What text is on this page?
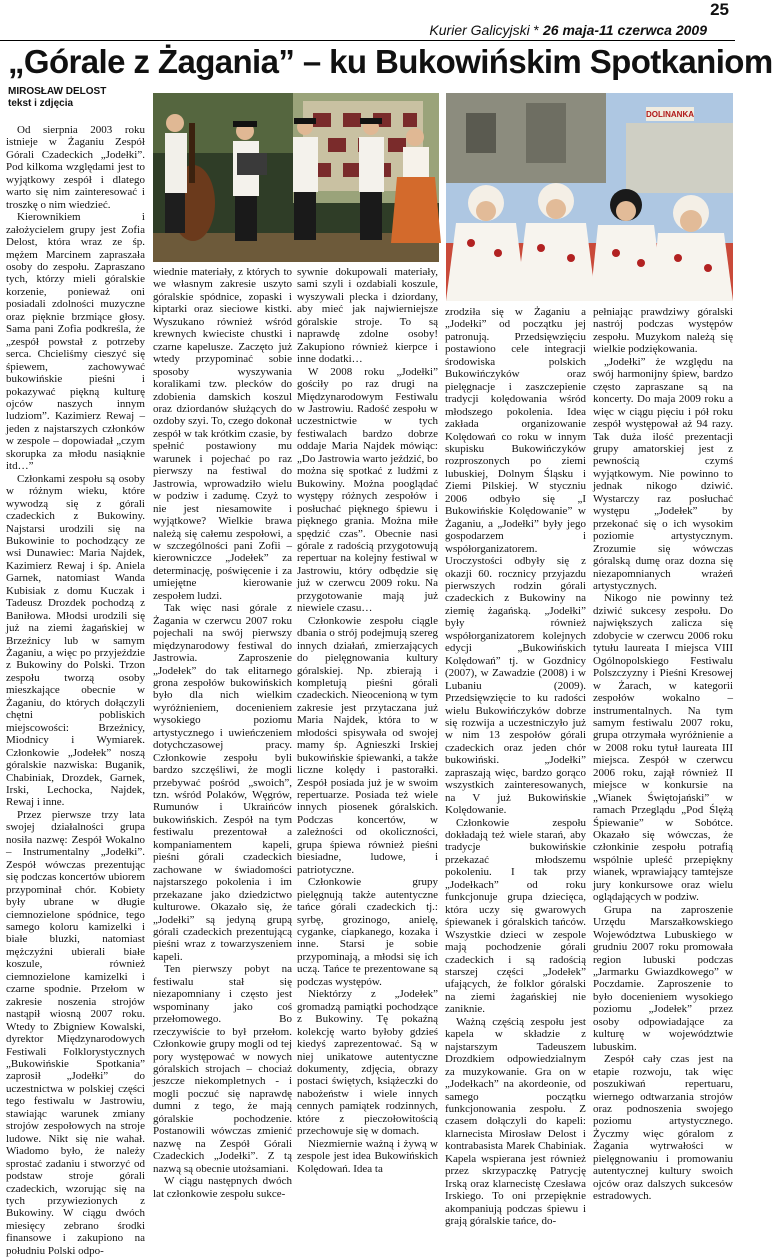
Kurier Galicyjski * 26 maja-11 czerwca 2009
25
„Górale z Żagania” – ku Bukowińskim Spotkaniom
MIROSŁAW DELOST
tekst i zdjęcia
DOLINANKA

Od sierpnia 2003 roku istnieje w Żaganiu Zespół Górali Czadeckich „Jodełki”. Pod kilkoma względami jest to wyjątkowy zespół i dlatego warto się nim zainteresować i troszkę o nim wiedzieć.

Kierownikiem i założycielem grupy jest Zofia Delost, która wraz ze śp. mężem Marcinem zapraszała osoby do zespołu. Zapraszano tych, którzy mieli góralskie korzenie, ponieważ oni posiadali zdolności muzyczne oraz pięknie brzmiące głosy. Sama pani Zofia podkreśla, że „zespół powstał z potrzeby serca. Chcieliśmy cieszyć się śpiewem, zachowywać bukowińskie pieśni i pokazywać piękną kulturę ojców naszych innym ludziom”. Kazimierz Rewaj – jeden z najstarszych członków w zespole – dopowiadał „czym skorupka za młodu nasiąknie itd…”

Członkami zespołu są osoby w różnym wieku, które wywodzą się z górali czadeckich z Bukowiny. Najstarsi urodzili się na Bukowinie to pochodzący ze wsi Dunawiec: Maria Najdek, Kazimierz Rewaj i śp. Aniela Garnek, natomiast Wanda Kubisiak z domu Kuczak i Tadeusz Drozdek pochodzą z Baniłowa. Młodsi urodzili się już na ziemi żagańskiej w Brzeźnicy lub w samym Żaganiu, a więc po przyjeździe z Bukowiny do Polski. Trzon zespołu tworzą osoby mieszkające obecnie w Żaganiu, do których dołączyli chętni pobliskich miejscowości: Brzeźnicy, Miodnicy i Wymiarek. Członkowie „Jodełek” noszą góralskie nazwiska: Buganik, Chabiniak, Drozdek, Garnek, Irski, Lechocka, Najdek, Rewaj i inne.

Przez pierwsze trzy lata swojej działalności grupa nosiła nazwę: Zespół Wokalno – Instrumentalny „Jodełki”. Zespół wówczas prezentując się podczas koncertów ubiorem przypominał chór. Kobiety były ubrane w długie ciemnozielone spódnice, tego samego koloru kamizelki i białe bluzki, natomiast mężczyźni ubierali białe koszule, również ciemnozielone kamizelki i czarne spodnie. Przełom w zakresie noszenia strojów nastąpił wiosną 2007 roku. Wtedy to Zbigniew Kowalski, dyrektor Międzynarodowych Festiwali Folklorystycznych „Bukowińskie Spotkania” zaprosił „Jodełki” do uczestnictwa w polskiej części tego festiwalu w Jastrowiu, stawiając warunek zmiany strojów zespołowych na stroje ludowe. Nikt się nie wahał. Wiadomo było, że należy sprostać zadaniu i stworzyć od podstaw stroje górali czadeckich, wzorując się na tych przywiezionych z Bukowiny. W ciągu dwóch miesięcy zebrano środki finansowe i zakupiono na południu Polski odpo-

wiednie materiały, z których to we własnym zakresie uszyto góralskie spódnice, zopaski i kiptarki oraz sieciowe kistki. Wyszukano również wśród krewnych kwieciste chustki i czarne kapelusze. Zaczęto już wtedy przypominać sobie sposoby wyszywania koralikami tzw. plecków do zdobienia damskich koszul oraz dziordanów służących do ozdoby szyi. To, czego dokonał zespół w tak krótkim czasie, by spełnić postawiony mu warunek i pojechać po raz pierwszy na festiwal do Jastrowia, wprowadziło wielu w podziw i zadumę. Czyż to nie jest niesamowite i wyjątkowe? Wielkie brawa należą się całemu zespołowi, a w szczególności pani Zofii – kierowniczce „Jodełek” za determinację, poświęcenie i za umiejętne kierowanie zespołem ludzi.

Tak więc nasi górale z Żagania w czerwcu 2007 roku pojechali na swój pierwszy międzynarodowy festiwal do Jastrowia. Zaproszenie „Jodełek” do tak elitarnego grona zespołów bukowińskich było dla nich wielkim wyróżnieniem, docenieniem wysokiego poziomu artystycznego i uwieńczeniem dotychczasowej pracy. Członkowie zespołu byli bardzo szczęśliwi, że mogli przebywać pośród „swoich”, tzn. wśród Polaków, Węgrów, Rumunów i Ukraińców bukowińskich. Zespół na tym festiwalu prezentował a kompaniamentem kapeli, pieśni górali czadeckich zachowane w świadomości najstarszego pokolenia i im przekazane jako dziedzictwo kulturowe. Okazało się, że „Jodełki” są jedyną grupą górali czadeckich prezentującą pieśni wraz z towarzyszeniem kapeli.

Ten pierwszy pobyt na festiwalu stał się niezapomniany i często jest wspominany jako coś przełomowego. Bo rzeczywiście to był przełom. Członkowie grupy mogli od tej pory występować w nowych góralskich strojach – chociaż jeszcze niekompletnych - i mogli poczuć się naprawdę dumni z tego, że mają góralskie pochodzenie. Postanowili wówczas zmienić nazwę na Zespół Górali Czadeckich „Jodełki”. Z tą nazwą są obecnie utożsamiani.

W ciągu następnych dwóch lat członkowie zespołu sukce-

sywnie dokupowali materiały, sami szyli i ozdabiali koszule, wyszywali plecka i dziordany, aby mieć jak najwierniejsze góralskie stroje. To są naprawdę zdolne osoby! Zakupiono również kierpce i inne dodatki…

W 2008 roku „Jodełki” gościły po raz drugi na Międzynarodowym Festiwalu w Jastrowiu. Radość zespołu w uczestnictwie w tych festiwalach bardzo dobrze oddaje Maria Najdek mówiąc: „Do Jastrowia warto jeździć, bo można się spotkać z ludźmi z Bukowiny. Można pooglądać występy różnych zespołów i posłuchać pięknego śpiewu i pięknego grania. Można miłe spędzić czas”. Obecnie nasi górale z radością przygotowują repertuar na kolejny festiwal w Jastrowiu, który odbędzie się już w czerwcu 2009 roku. Na przygotowanie mają już niewiele czasu…

Członkowie zespołu ciągle dbania o strój podejmują szereg innych działań, zmierzających do pielęgnowania kultury góralskiej. Np. zbierają i kompletują pieśni górali czadeckich. Nieocenioną w tym zakresie jest przytaczana już Maria Najdek, która to w młodości spisywała od swojej mamy śp. Agnieszki Irskiej bukowińskie śpiewanki, a także liczne kolędy i pastorałki. Zespół posiada już je w swoim repertuarze. Posiada też wiele innych piosenek góralskich. Podczas koncertów, w zależności od okoliczności, grupa śpiewa również pieśni biesiadne, ludowe, i patriotyczne.

Członkowie grupy pielęgnują także autentyczne tańce górali czadeckich tj.: syrbę, grozinogo, anielę, cyganke, ciapkanego, kozaka i inne. Starsi je sobie przypominają, a młodsi się ich uczą. Tańce te prezentowane są podczas występów.

Niektórzy z „Jodełek” gromadzą pamiątki pochodzące z Bukowiny. Tę pokaźną kolekcję warto byłoby gdzieś kiedyś zaprezentować. Są w niej unikatowe autentyczne dokumenty, zdjęcia, obrazy postaci świętych, książeczki do nabożeństw i wiele innych cennych pamiątek rodzinnych, które z pieczołowitością przechowuje się w domach.

Niezmiernie ważną i żywą w zespole jest idea Bukowińskich Kolędowań. Idea ta

zrodziła się w Żaganiu a „Jodełki” od początku jej patronują. Przedsięwzięciu postawiono cele integracji środowiska polskich Bukowińczyków oraz pielęgnacje i zaszczepienie tradycji kolędowania wśród młodszego pokolenia. Idea zakłada organizowanie Kolędowań co roku w innym skupisku Bukowińczyków rozproszonych po ziemi lubuskiej, Dolnym Śląsku i Ziemi Pilskiej. W styczniu 2006 odbyło się „I Bukowińskie Kolędowanie” w Żaganiu, a „Jodełki” były jego gospodarzem i współorganizatorem. Uroczystości odbyły się z okazji 60. rocznicy przyjazdu pierwszych rodzin górali czadeckich z Bukowiny na ziemię żagańską. „Jodełki” były również współorganizatorem kolejnych edycji „Bukowińskich Kolędowań” tj. w Gozdnicy (2007), w Zawadzie (2008) i w Lubaniu (2009). Przedsięwzięcie to ku radości wielu Bukowińczyków dobrze się rozwija a uczestniczyło już w nim 13 zespołów górali czadeckich oraz jeden chór bukowiński. „Jodełki” zapraszają więc, bardzo gorąco wszystkich zainteresowanych, na V już Bukowińskie Kolędowanie.

Członkowie zespołu dokładają też wiele starań, aby tradycje bukowińskie przekazać młodszemu pokoleniu. I tak przy „Jodełkach” od roku funkcjonuje grupa dziecięca, która uczy się gwarowych śpiewanek i góralskich tańców. Wszystkie dzieci w zespole mają pochodzenie górali czadeckich i są radością starszej części „Jodełek” ufających, że folklor góralski na ziemi żagańskiej nie zaniknie.

Ważną częścią zespołu jest kapela w składzie z najstarszym Tadeuszem Drozdkiem odpowiedzialnym za muzykowanie. Gra on w „Jodełkach” na akordeonie, od samego początku funkcjonowania zespołu. Z czasem dołączyli do kapeli: klarnecista Mirosław Delost i kontrabasista Marek Chabiniak. Kapela wspierana jest również przez skrzypaczkę Patrycję Irską oraz klarnecistę Czesława Irskiego. To oni przepięknie akompaniują podczas śpiewu i grają góralskie tańce, do-

pełniając prawdziwy góralski nastrój podczas występów zespołu. Muzykom należą się wielkie podziękowania.

„Jodełki” że względu na swój harmonijny śpiew, bardzo często zapraszane są na koncerty. Do maja 2009 roku a więc w ciągu pięciu i pół roku zespół występował aż 94 razy. Tak duża ilość prezentacji grupy amatorskiej jest z pewnością czymś wyjątkowym. Nie powinno to jednak nikogo dziwić. Wystarczy raz posłuchać występu „Jodełek” by przekonać się o ich wysokim poziomie artystycznym. Zrozumie się wówczas góralską dumę oraz dozna się niezapomnianych wrażeń artystycznych.

Nikogo nie powinny też dziwić sukcesy zespołu. Do największych zalicza się zdobycie w czerwcu 2006 roku tytułu laureata I miejsca VIII Ogólnopolskiego Festiwalu Polszczyzny i Pieśni Kresowej w Żarach, w kategorii zespołów wokalno – instrumentalnych. Na tym samym festiwalu 2007 roku, grupa otrzymała wyróżnienie a w 2008 roku tytuł laureata III miejsca. Zespół w czerwcu 2006 roku, zajął również II miejsce w konkursie na „Wianek Świętojański” w ramach Przeglądu „Pod Ślężą Śpiewanie” w Sobótce. Okazało się wówczas, że członkinie zespołu potrafią wspólnie upleść przepiękny wianek, wprawiający tamtejsze jury konkursowe oraz wielu oglądających w podziw.

Grupa na zaproszenie Urzędu Marszałkowskiego Województwa Lubuskiego w grudniu 2007 roku promowała region lubuski podczas „Jarmarku Gwiazdkowego” w Poczdamie. Zaproszenie to było docenieniem wysokiego poziomu „Jodełek” przez osoby odpowiadające za kulturę w województwie lubuskim.

Zespół cały czas jest na etapie rozwoju, tak więc poszukiwań repertuaru, wiernego odtwarzania strojów oraz podnoszenia swojego poziomu artystycznego. Życzmy więc góralom z Żagania wytrwałości w pielęgnowaniu i promowaniu autentycznej kultury swoich ojców oraz dalszych sukcesów estradowych.
